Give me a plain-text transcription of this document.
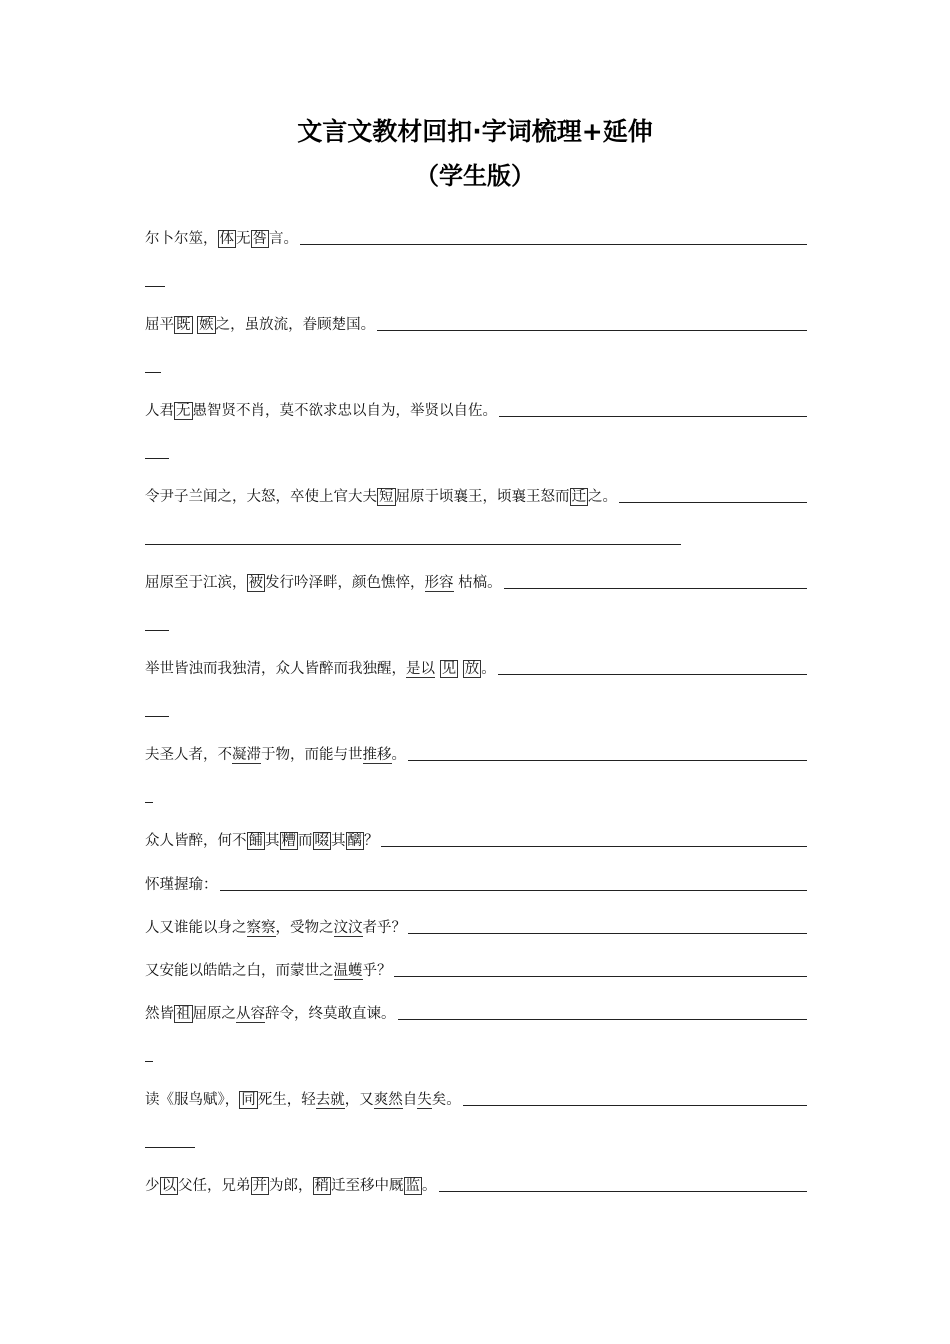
文言文教材回扣·字词梳理+延伸
（学生版）
尔卜尔筮， 体 无 咎 言。
屈平 既 嫉 之，虽放流，眷顾楚国。
人君 无 愚智贤不肖，莫不欲求忠以自为，举贤以自佐。
令尹子兰闻之，大怒，卒使上官大夫 短 屈原于顷襄王，顷襄王怒而 迁 之。
屈原至于江滨， 被 发行吟泽畔，颜色憔悴，形容 枯槁。
举世皆浊而我独清，众人皆醉而我独醒，是以 见 放 。
夫圣人者，不凝滞于物，而能与世推移。
众人皆醉，何不 餔 其 糟 而 啜 其 醨 ？
怀瑾握瑜：
人又谁能以身之察察，受物之汶汶者乎？
又安能以皓皓之白，而蒙世之温蠖乎？
然皆 祖 屈原之从容辞令，终莫敢直谏。
读《服鸟赋》， 同 死生，轻去就，又爽然自失矣。
少 以 父任，兄弟 并 为郎， 稍 迁至移中厩 监 。
